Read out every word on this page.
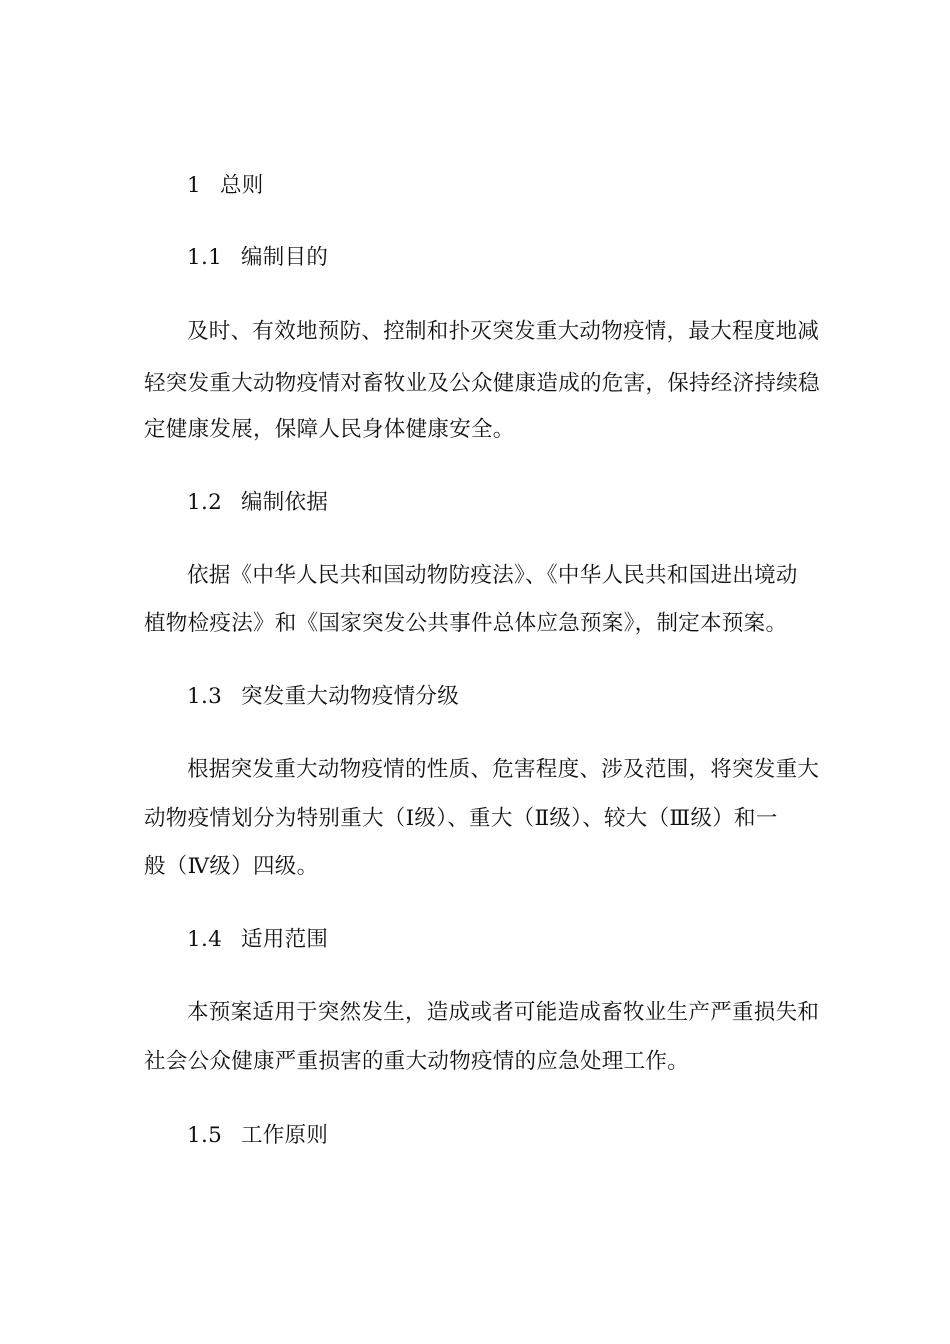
1 总则
1.1 编制目的
及时、有效地预防、控制和扑灭突发重大动物疫情，最大程度地减
轻突发重大动物疫情对畜牧业及公众健康造成的危害，保持经济持续稳
定健康发展，保障人民身体健康安全。
1.2 编制依据
依据《中华人民共和国动物防疫法》、《中华人民共和国进出境动
植物检疫法》和《国家突发公共事件总体应急预案》，制定本预案。
1.3 突发重大动物疫情分级
根据突发重大动物疫情的性质、危害程度、涉及范围，将突发重大
动物疫情划分为特别重大（Ⅰ级）、重大（Ⅱ级）、较大（Ⅲ级）和一
般（Ⅳ级）四级。
1.4 适用范围
本预案适用于突然发生，造成或者可能造成畜牧业生产严重损失和
社会公众健康严重损害的重大动物疫情的应急处理工作。
1.5 工作原则
